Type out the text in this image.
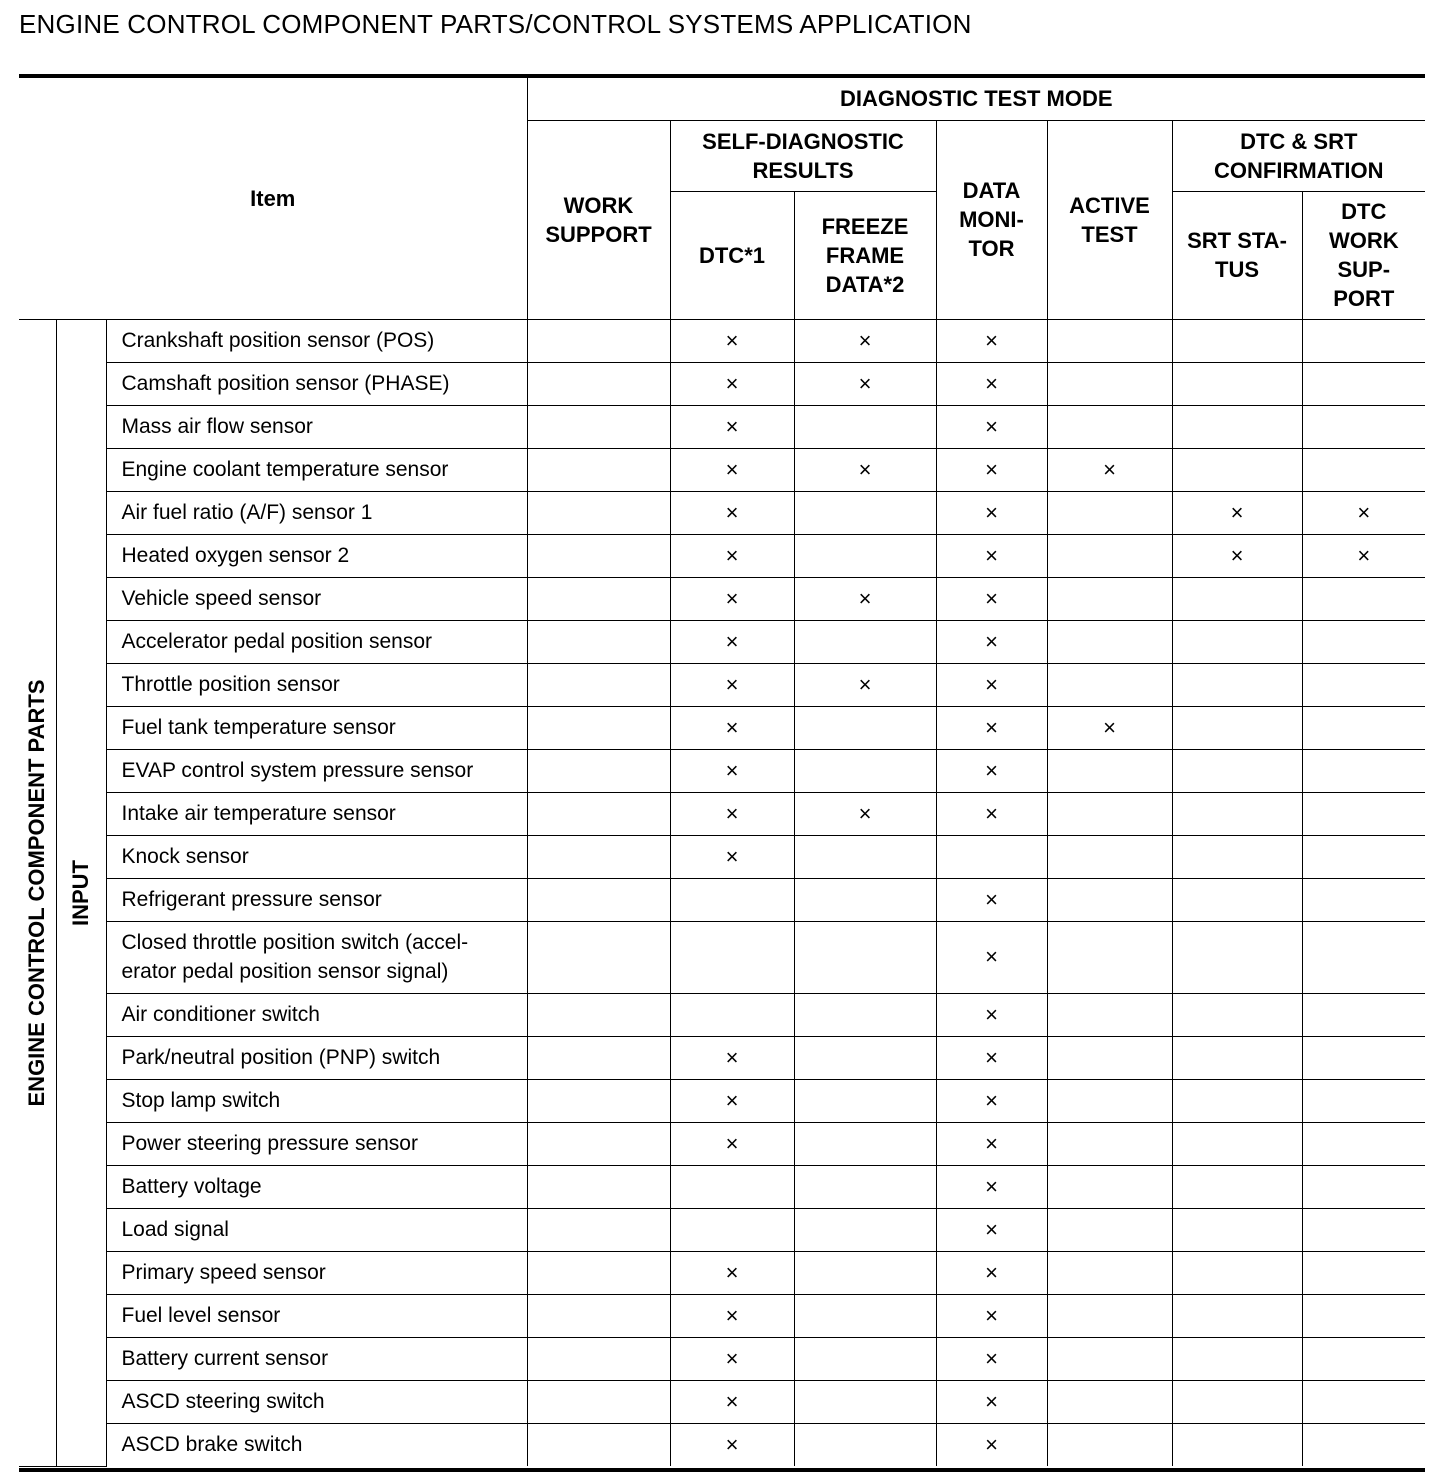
ENGINE CONTROL COMPONENT PARTS/CONTROL SYSTEMS APPLICATION
Item			DIAGNOSTIC TEST MODE						
			WORK SUPPORT	SELF-DIAGNOSTIC RESULTS		DATA MONI-TOR	ACTIVE TEST	DTC & SRT CONFIRMATION	
				DTC*1	FREEZE FRAME DATA*2			SRT STA-TUS	DTC WORK SUP-PORT

ENGINE CONTROL COMPONENT PARTS	INPUT	Crankshaft position sensor (POS)		×	×	×			
		Camshaft position sensor (PHASE)		×	×	×			
		Mass air flow sensor		×		×			
		Engine coolant temperature sensor		×	×	×	×		
		Air fuel ratio (A/F) sensor 1		×		×		×	×
		Heated oxygen sensor 2		×		×		×	×
		Vehicle speed sensor		×	×	×			
		Accelerator pedal position sensor		×		×			
		Throttle position sensor		×	×	×			
		Fuel tank temperature sensor		×		×	×		
		EVAP control system pressure sensor		×		×			
		Intake air temperature sensor		×	×	×			
		Knock sensor		×					
		Refrigerant pressure sensor				×			
		Closed throttle position switch (accel-erator pedal position sensor signal)				×			
		Air conditioner switch				×			
		Park/neutral position (PNP) switch		×		×			
		Stop lamp switch		×		×			
		Power steering pressure sensor		×		×			
		Battery voltage				×			
		Load signal				×			
		Primary speed sensor		×		×			
		Fuel level sensor		×		×			
		Battery current sensor		×		×			
		ASCD steering switch		×		×			
		ASCD brake switch		×		×			
